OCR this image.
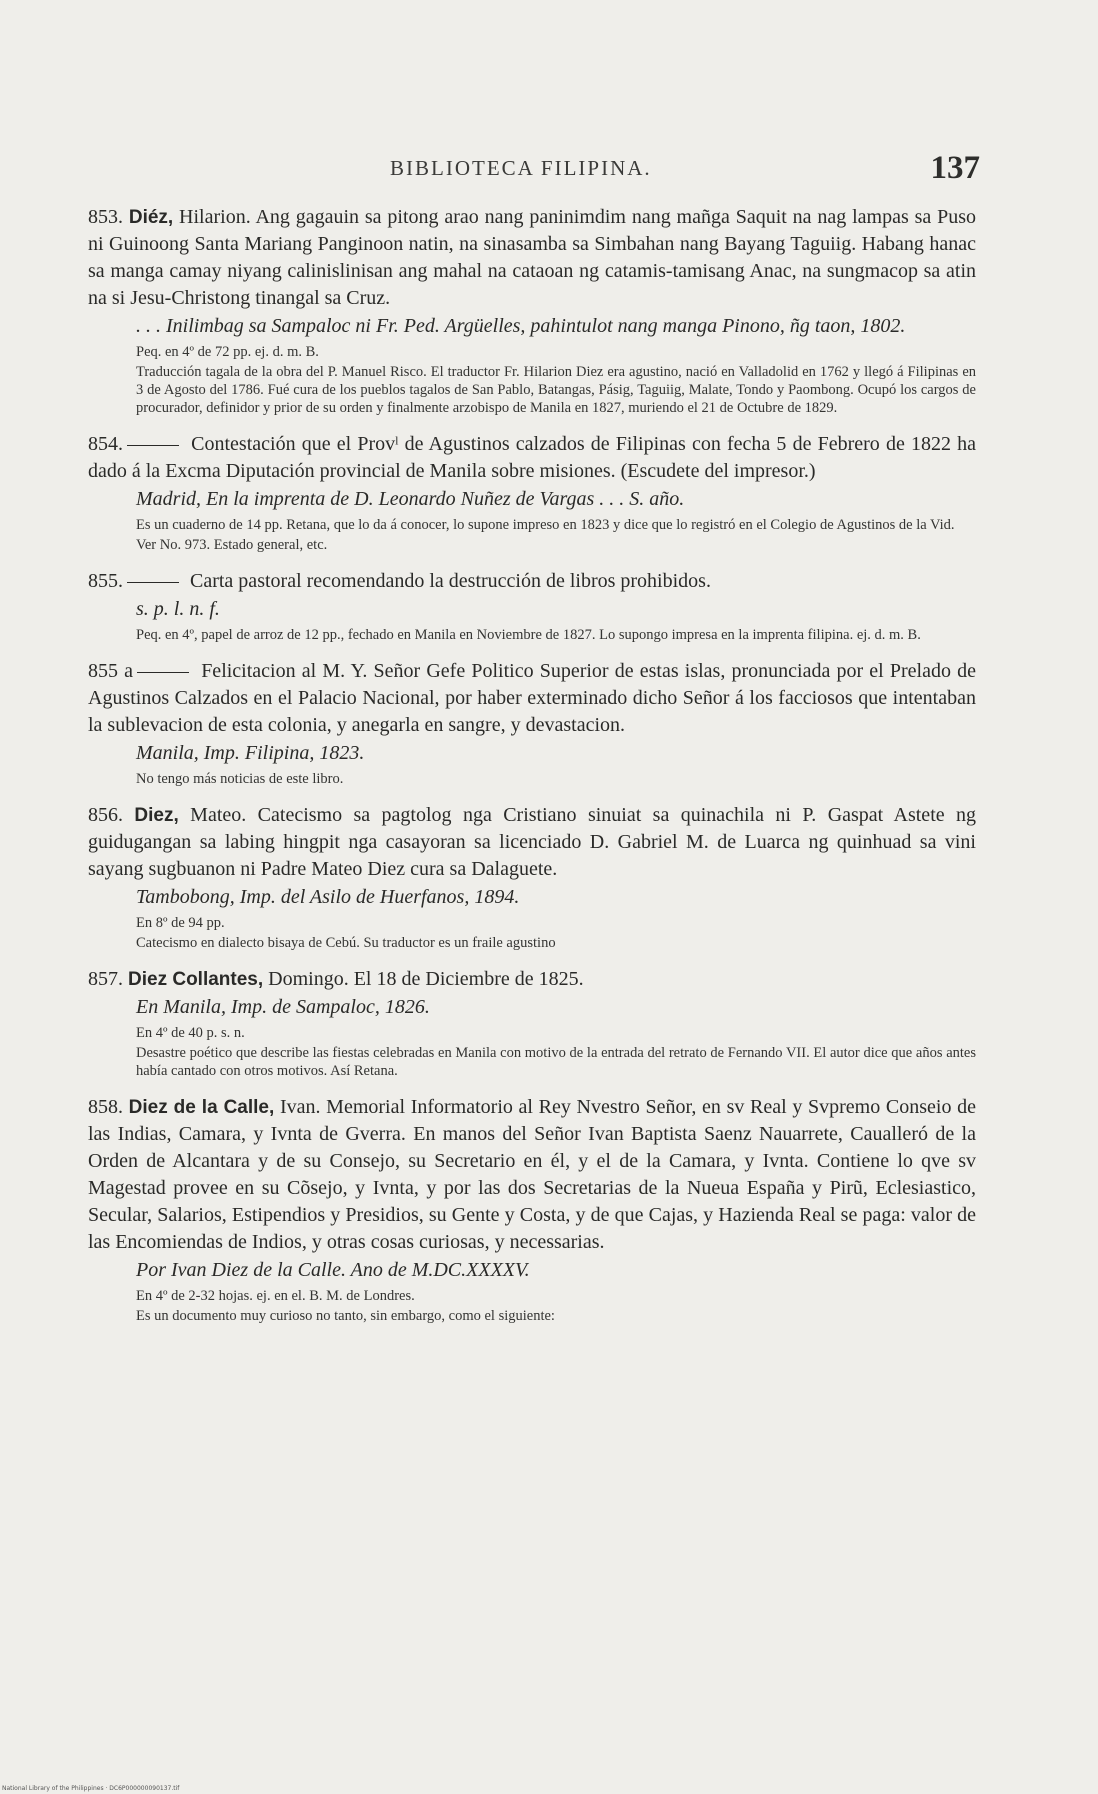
BIBLIOTECA FILIPINA.	137
853. Diéz, Hilarion. Ang gagauin sa pitong arao nang paninimdim nang mañga Saquit na nag lampas sa Puso ni Guinoong Santa Mariang Panginoon natin, na sinasamba sa Simbahan nang Bayang Taguiig. Habang hanac sa manga camay niyang calinislinisan ang mahal na cataoan ng catamis-tamisang Anac, na sungmacop sa atin na si Jesu-Christong tinangal sa Cruz.
. . . Inilimbag sa Sampaloc ni Fr. Ped. Argüelles, pahintulot nang manga Pinono, ñg taon, 1802.
Peq. en 4º de 72 pp. ej. d. m. B.
Traducción tagala de la obra del P. Manuel Risco. El traductor Fr. Hilarion Diez era agustino, nació en Valladolid en 1762 y llegó á Filipinas en 3 de Agosto del 1786. Fué cura de los pueblos tagalos de San Pablo, Batangas, Pásig, Taguiig, Malate, Tondo y Paombong. Ocupó los cargos de procurador, definidor y prior de su orden y finalmente arzobispo de Manila en 1827, muriendo el 21 de Octubre de 1829.
854.	Contestación que el Provˡ de Agustinos calzados de Filipinas con fecha 5 de Febrero de 1822 ha dado á la Excma Diputación provincial de Manila sobre misiones. (Escudete del impresor.)
Madrid, En la imprenta de D. Leonardo Nuñez de Vargas . . . S. año.
Es un cuaderno de 14 pp. Retana, que lo da á conocer, lo supone impreso en 1823 y dice que lo registró en el Colegio de Agustinos de la Vid.
Ver No. 973. Estado general, etc.
855.	Carta pastoral recomendando la destrucción de libros prohibidos.
s. p. l. n. f.
Peq. en 4º, papel de arroz de 12 pp., fechado en Manila en Noviembre de 1827. Lo supongo impresa en la imprenta filipina. ej. d. m. B.
855 a	Felicitacion al M. Y. Señor Gefe Politico Superior de estas islas, pronunciada por el Prelado de Agustinos Calzados en el Palacio Nacional, por haber exterminado dicho Señor á los facciosos que intentaban la sublevacion de esta colonia, y anegarla en sangre, y devastacion.
Manila, Imp. Filipina, 1823.
No tengo más noticias de este libro.
856. Diez, Mateo. Catecismo sa pagtolog nga Cristiano sinuiat sa quinachila ni P. Gaspat Astete ng guidugangan sa labing hingpit nga casayoran sa licenciado D. Gabriel M. de Luarca ng quinhuad sa vini sayang sugbuanon ni Padre Mateo Diez cura sa Dalaguete.
Tambobong, Imp. del Asilo de Huerfanos, 1894.
En 8º de 94 pp.
Catecismo en dialecto bisaya de Cebú. Su traductor es un fraile agustino
857. Diez Collantes, Domingo. El 18 de Diciembre de 1825.
En Manila, Imp. de Sampaloc, 1826.
En 4º de 40 p. s. n.
Desastre poético que describe las fiestas celebradas en Manila con motivo de la entrada del retrato de Fernando VII. El autor dice que años antes había cantado con otros motivos. Así Retana.
858. Diez de la Calle, Ivan. Memorial Informatorio al Rey Nvestro Señor, en sv Real y Svpremo Conseio de las Indias, Camara, y Ivnta de Gverra. En manos del Señor Ivan Baptista Saenz Nauarrete, Caualleró de la Orden de Alcantara y de su Consejo, su Secretario en él, y el de la Camara, y Ivnta. Contiene lo qve sv Magestad provee en su Cõsejo, y Ivnta, y por las dos Secretarias de la Nueua España y Pirũ, Eclesiastico, Secular, Salarios, Estipendios y Presidios, su Gente y Costa, y de que Cajas, y Hazienda Real se paga: valor de las Encomiendas de Indios, y otras cosas curiosas, y necessarias.
Por Ivan Diez de la Calle. Ano de M.DC.XXXXV.
En 4º de 2-32 hojas. ej. en el. B. M. de Londres.
Es un documento muy curioso no tanto, sin embargo, como el siguiente:
National Library of the Philippines · DC6P000000090137.tif
